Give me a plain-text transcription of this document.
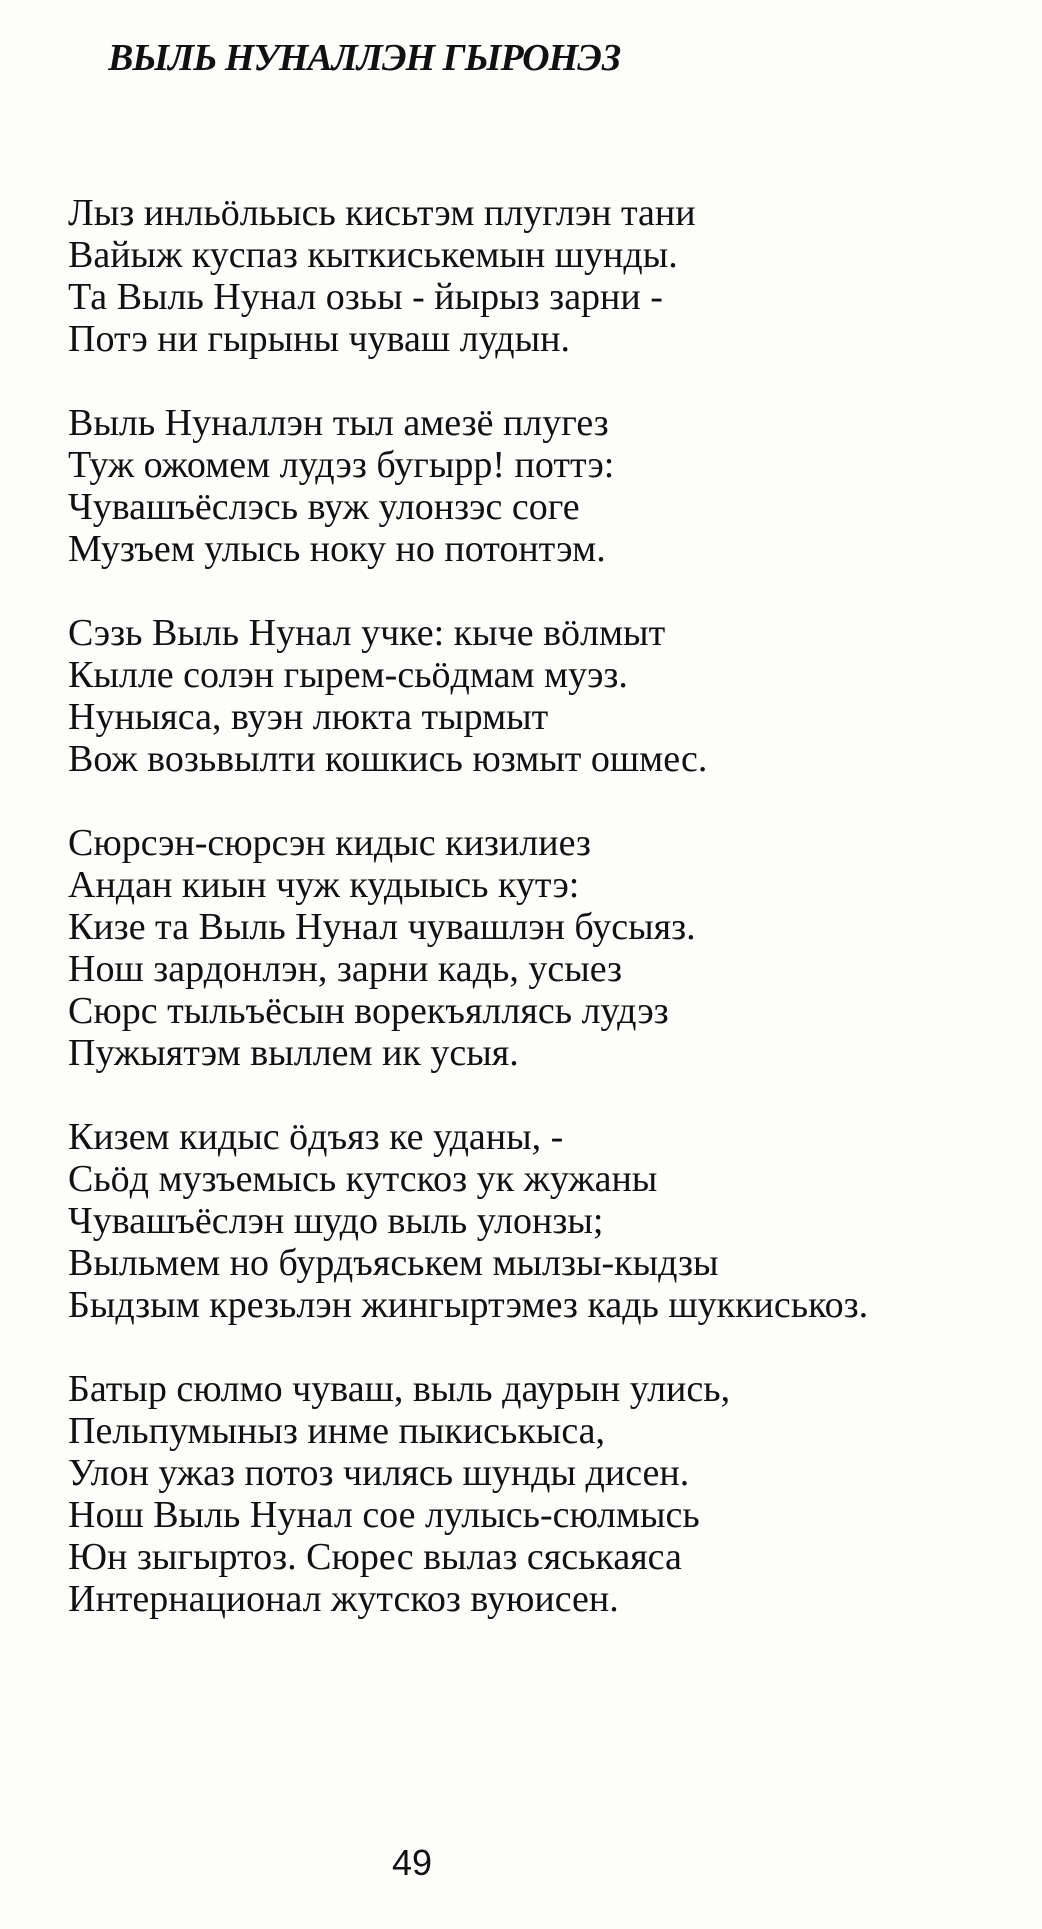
ВЫЛЬ НУНАЛЛЭН ГЫРОНЭЗ
Лыз инльӧльысь кисьтэм плуглэн тани
Вайыж куспаз кыткиськемын шунды.
Та Выль Нунал озьы - йырыз зарни -
Потэ ни гырыны чуваш лудын.
Выль Нуналлэн тыл амезё плугез
Туж ожомем лудэз бугырр! поттэ:
Чувашъёслэсь вуж улонзэс соге
Музъем улысь ноку но потонтэм.
Сэзь Выль Нунал учке: кыче вöлмыт
Кылле солэн гырем-сьöдмам муэз.
Нуныяса, вуэн люкта тырмыт
Вож возьвылти кошкись юзмыт ошмес.
Сюрсэн-сюрсэн кидыс кизилиез
Андан киын чуж кудыысь кутэ:
Кизе та Выль Нунал чувашлэн бусыяз.
Нош зардонлэн, зарни кадь, усыез
Сюрс тыльъёсын ворекъяллясь лудэз
Пужыятэм выллем ик усыя.
Кизем кидыс öдъяз ке уданы, -
Сьöд музъемысь кутскоз ук жужаны
Чувашъёслэн шудо выль улонзы;
Выльмем но бурдъяськем мылзы-кыдзы
Быдзым крезьлэн жингыртэмез кадь шуккиськоз.
Батыр сюлмо чуваш, выль даурын улись,
Пельпумыныз инме пыкиськыса,
Улон ужаз потоз чилясь шунды дисен.
Нош Выль Нунал сое лулысь-сюлмысь
Юн зыгыртоз. Сюрес вылаз сяськаяса
Интернационал жутскоз вуюисен.
49
